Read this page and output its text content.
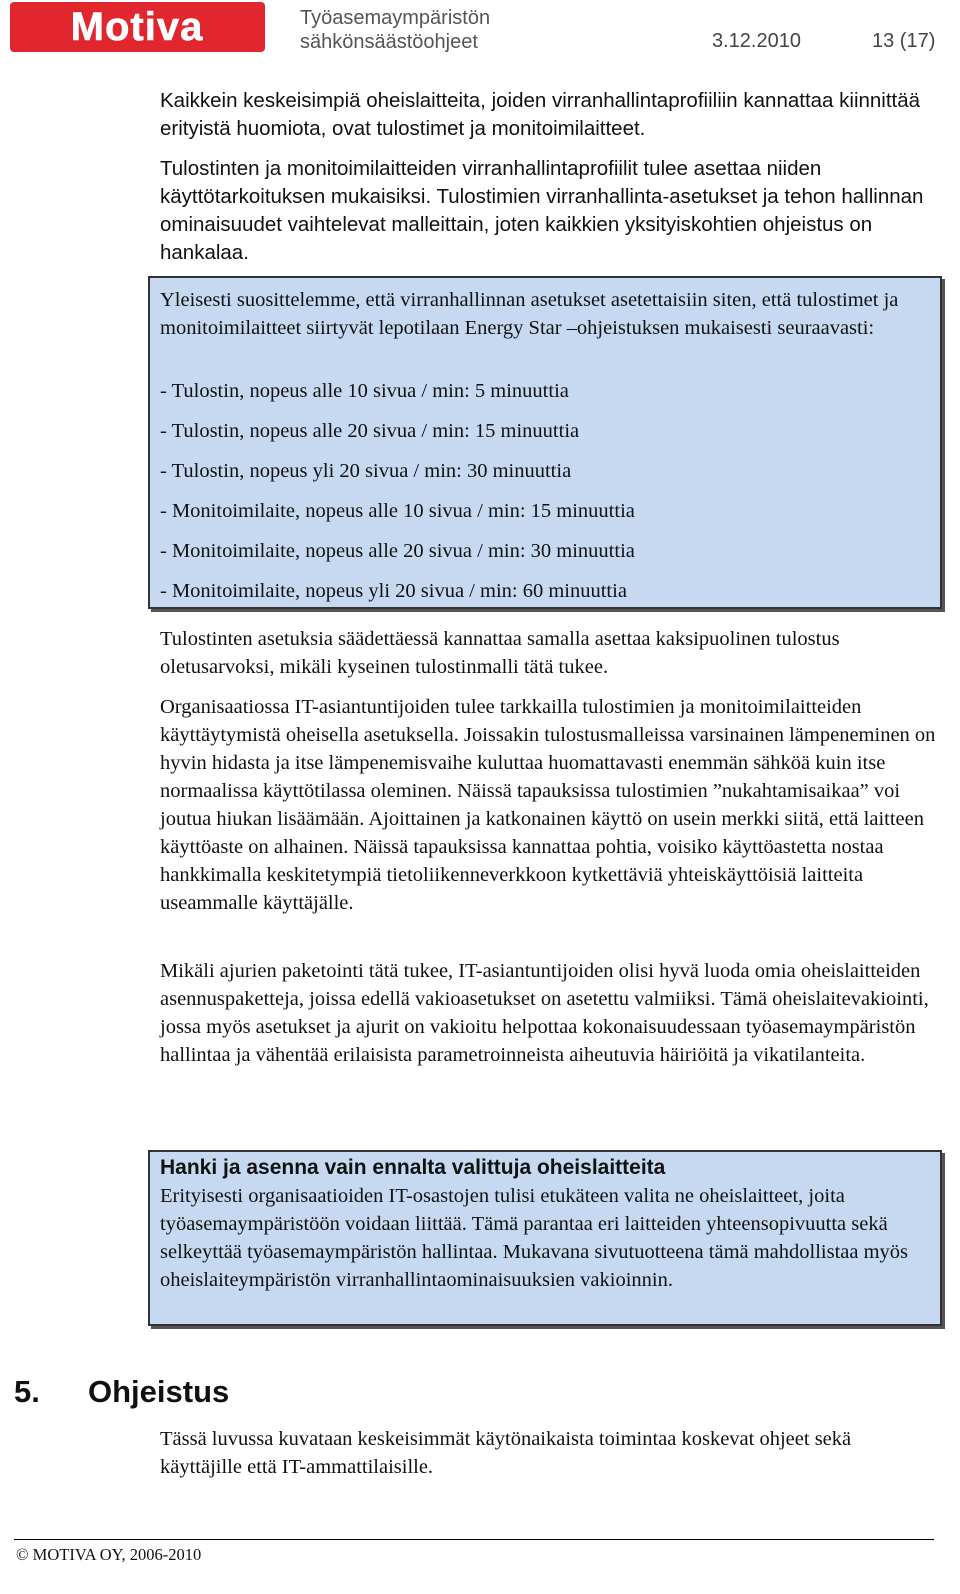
Motiva	Työasemaympäristön
sähkönsäästöohjeet	3.12.2010	13 (17)

Kaikkein keskeisimpiä oheislaitteita, joiden virranhallintaprofiiliin kannattaa kiinnittää erityistä huomiota, ovat tulostimet ja monitoimilaitteet.

Tulostinten ja monitoimilaitteiden virranhallintaprofiilit tulee asettaa niiden käyttötarkoituksen mukaisiksi. Tulostimien virranhallinta-asetukset ja tehon hallinnan ominaisuudet vaihtelevat malleittain, joten kaikkien yksityiskohtien ohjeistus on hankalaa.

Yleisesti suosittelemme, että virranhallinnan asetukset asetettaisiin siten, että tulostimet ja monitoimilaitteet siirtyvät lepotilaan Energy Star –ohjeistuksen mukaisesti seuraavasti:

- Tulostin, nopeus alle 10 sivua / min: 5 minuuttia
- Tulostin, nopeus alle 20 sivua / min: 15 minuuttia
- Tulostin, nopeus yli 20 sivua / min: 30 minuuttia
- Monitoimilaite, nopeus alle 10 sivua / min: 15 minuuttia
- Monitoimilaite, nopeus alle 20 sivua / min: 30 minuuttia
- Monitoimilaite, nopeus yli 20 sivua / min: 60 minuuttia

Tulostinten asetuksia säädettäessä kannattaa samalla asettaa kaksipuolinen tulostus oletusarvoksi, mikäli kyseinen tulostinmalli tätä tukee.

Organisaatiossa IT-asiantuntijoiden tulee tarkkailla tulostimien ja monitoimilaitteiden käyttäytymistä oheisella asetuksella. Joissakin tulostusmalleissa varsinainen lämpeneminen on hyvin hidasta ja itse lämpenemisvaihe kuluttaa huomattavasti enemmän sähköä kuin itse normaalissa käyttötilassa oleminen. Näissä tapauksissa tulostimien ”nukahtamisaikaa” voi joutua hiukan lisäämään. Ajoittainen ja katkonainen käyttö on usein merkki siitä, että laitteen käyttöaste on alhainen. Näissä tapauksissa kannattaa pohtia, voisiko käyttöastetta nostaa hankkimalla keskitetympiä tietoliikenneverkkoon kytkettäviä yhteiskäyttöisiä laitteita useammalle käyttäjälle.

Mikäli ajurien paketointi tätä tukee, IT-asiantuntijoiden olisi hyvä luoda omia oheislaitteiden asennuspaketteja, joissa edellä vakioasetukset on asetettu valmiiksi. Tämä oheislaitevakiointi, jossa myös asetukset ja ajurit on vakioitu helpottaa kokonaisuudessaan työasemaympäristön hallintaa ja vähentää erilaisista parametroinneista aiheutuvia häiriöitä ja vikatilanteita.

Hanki ja asenna vain ennalta valittuja oheislaitteita

Erityisesti organisaatioiden IT-osastojen tulisi etukäteen valita ne oheislaitteet, joita työasemaympäristöön voidaan liittää. Tämä parantaa eri laitteiden yhteensopivuutta sekä selkeyttää työasemaympäristön hallintaa. Mukavana sivutuotteena tämä mahdollistaa myös oheislaiteympäristön virranhallintaominaisuuksien vakioinnin.

5. Ohjeistus

Tässä luvussa kuvataan keskeisimmät käytönaikaista toimintaa koskevat ohjeet sekä käyttäjille että IT-ammattilaisille.

© MOTIVA OY, 2006-2010
